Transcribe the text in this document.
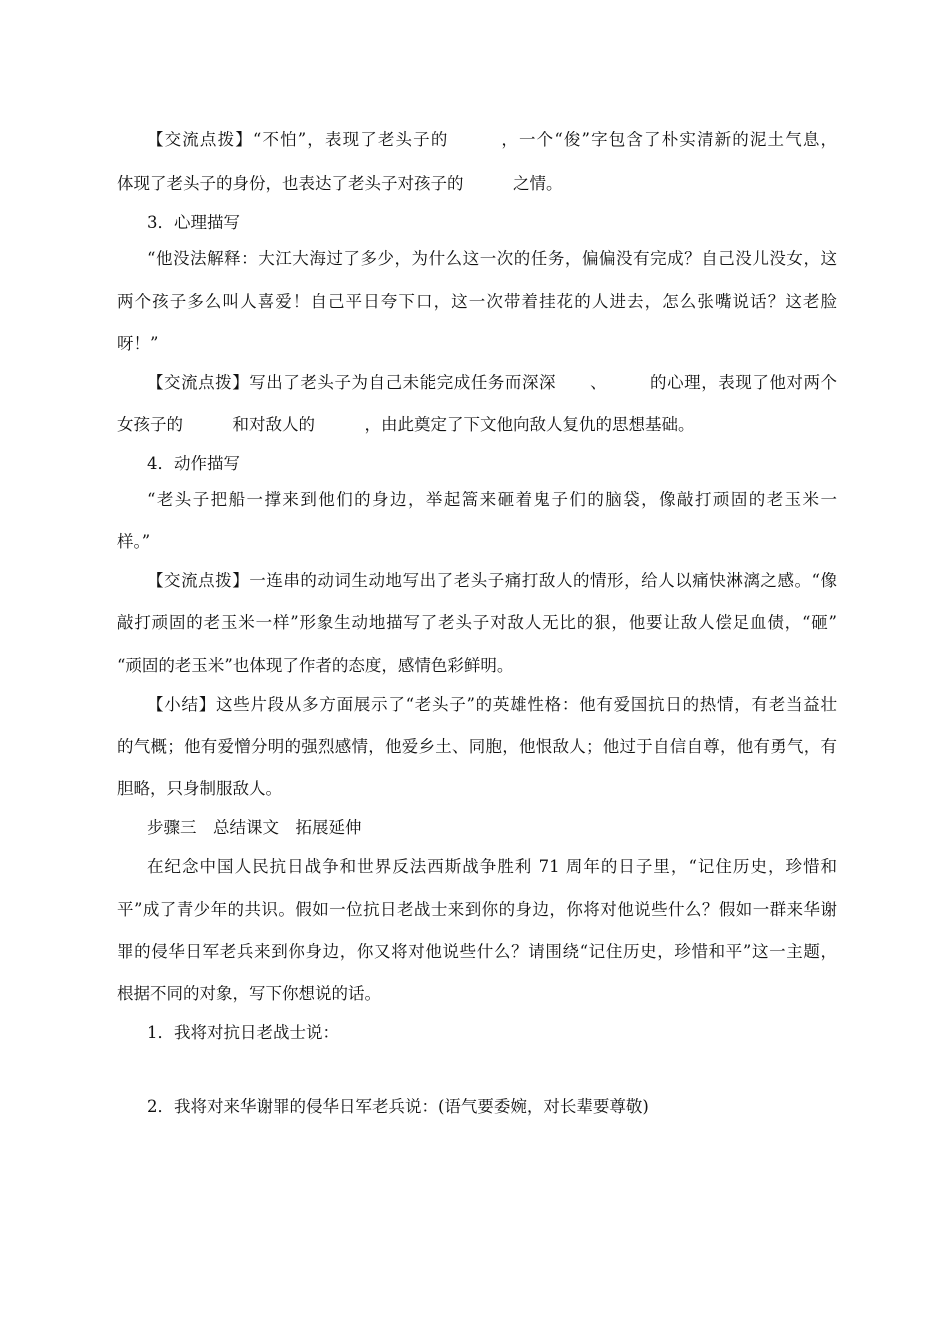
【交流点拨】“不怕”，表现了老头子的　　　，一个“俊”字包含了朴实清新的泥土气息，
体现了老头子的身份，也表达了老头子对孩子的　　　之情。
3．心理描写
“他没法解释：大江大海过了多少，为什么这一次的任务，偏偏没有完成？自己没儿没女，这
两个孩子多么叫人喜爱！自己平日夸下口，这一次带着挂花的人进去，怎么张嘴说话？这老脸
呀！”
【交流点拨】写出了老头子为自己未能完成任务而深深　　、　　　的心理，表现了他对两个
女孩子的　　　和对敌人的　　　，由此奠定了下文他向敌人复仇的思想基础。
4．动作描写
“老头子把船一撑来到他们的身边，举起篙来砸着鬼子们的脑袋，像敲打顽固的老玉米一
样。”
【交流点拨】一连串的动词生动地写出了老头子痛打敌人的情形，给人以痛快淋漓之感。“像
敲打顽固的老玉米一样”形象生动地描写了老头子对敌人无比的狠，他要让敌人偿足血债，“砸”
“顽固的老玉米”也体现了作者的态度，感情色彩鲜明。
【小结】这些片段从多方面展示了“老头子”的英雄性格：他有爱国抗日的热情，有老当益壮
的气概；他有爱憎分明的强烈感情，他爱乡土、同胞，他恨敌人；他过于自信自尊，他有勇气，有
胆略，只身制服敌人。
步骤三　总结课文　拓展延伸
在纪念中国人民抗日战争和世界反法西斯战争胜利 71 周年的日子里，“记住历史，珍惜和
平”成了青少年的共识。假如一位抗日老战士来到你的身边，你将对他说些什么？假如一群来华谢
罪的侵华日军老兵来到你身边，你又将对他说些什么？请围绕“记住历史，珍惜和平”这一主题，
根据不同的对象，写下你想说的话。
1．我将对抗日老战士说：
2．我将对来华谢罪的侵华日军老兵说：(语气要委婉，对长辈要尊敬)
